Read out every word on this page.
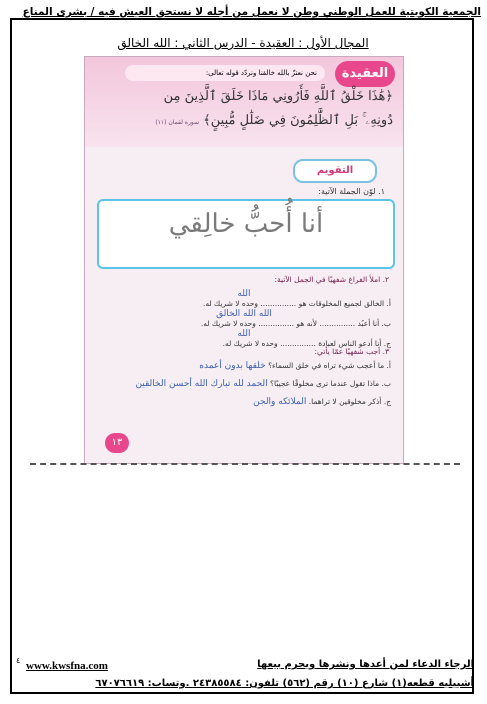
الجمعية الكويتية للعمل الوطني وطن لا نعمل من أجله لا نستحق العيش فيه / بشرى المناع
المجال الأول : العقيدة - الدرس الثاني : الله الخالق
العقيدة
نحن نعتزّ بالله خالقنا ونردّد قوله تعالى:
﴿هَٰذَا خَلْقُ ٱللَّهِ فَأَرُونِي مَاذَا خَلَقَ ٱلَّذِينَ مِن
دُونِهِۦ ۚ بَلِ ٱلظَّٰلِمُونَ فِي ضَلَٰلٍ مُّبِينٍ﴾ سورة لقمان (١١)
التقويم
١. لوّن الجملة الآتية:
أنا أُحبُّ خالِقي
٢. املأ الفراغ شفهيًا في الجمل الآتية:
الله
أ. الخالق لجميع المخلوقات هو ............... وحده لا شريك له.
الله الله الخالق
ب. أنا أعبُد ............... لأنه هو ............... وحده لا شريك له.
الله
ج. أنا أدعو الناس لعبادة ............... وحده لا شريك له.
٣. أجب شفهيًا عمّا يأتي:
أ. ما أعجب شيء تراه في خلق السماء؟ خلقها بدون أعمده
ب. ماذا تقول عندما ترى مخلوقًا عجيبًا؟ الحمد لله تبارك الله أحسن الخالقين
ج. أذكر مخلوقين لا تراهما. الملائكه والجن
١٣
٤ www.kwsfna.com	الرجاء الدعاء لمن أعدها ونشرها ويحرم بيعها
أشبيليه قطعه(١) شارع (١٠) رقم (٥٦٢) تلفون: ٢٤٣٨٥٥٨٤ .وتساب: ٦٧٠٧٦٦١٩
